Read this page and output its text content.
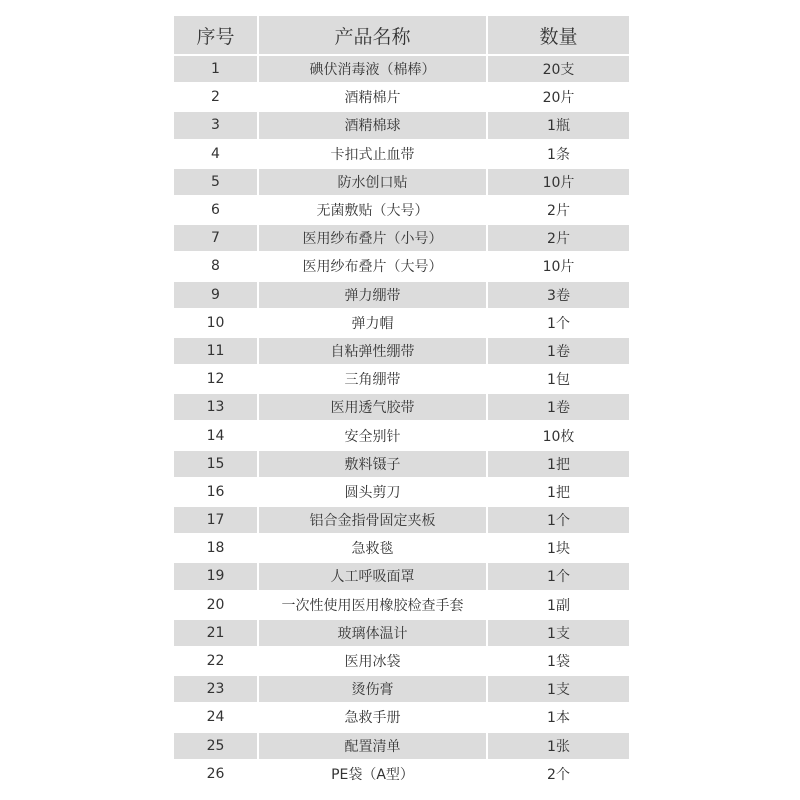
序号	产品名称	数量
1	碘伏消毒液（棉棒）	20支
2	酒精棉片	20片
3	酒精棉球	1瓶
4	卡扣式止血带	1条
5	防水创口贴	10片
6	无菌敷贴（大号）	2片
7	医用纱布叠片（小号）	2片
8	医用纱布叠片（大号）	10片
9	弹力绷带	3卷
10	弹力帽	1个
11	自粘弹性绷带	1卷
12	三角绷带	1包
13	医用透气胶带	1卷
14	安全别针	10枚
15	敷料镊子	1把
16	圆头剪刀	1把
17	铝合金指骨固定夹板	1个
18	急救毯	1块
19	人工呼吸面罩	1个
20	一次性使用医用橡胶检查手套	1副
21	玻璃体温计	1支
22	医用冰袋	1袋
23	烫伤膏	1支
24	急救手册	1本
25	配置清单	1张
26	PE袋（A型）	2个
